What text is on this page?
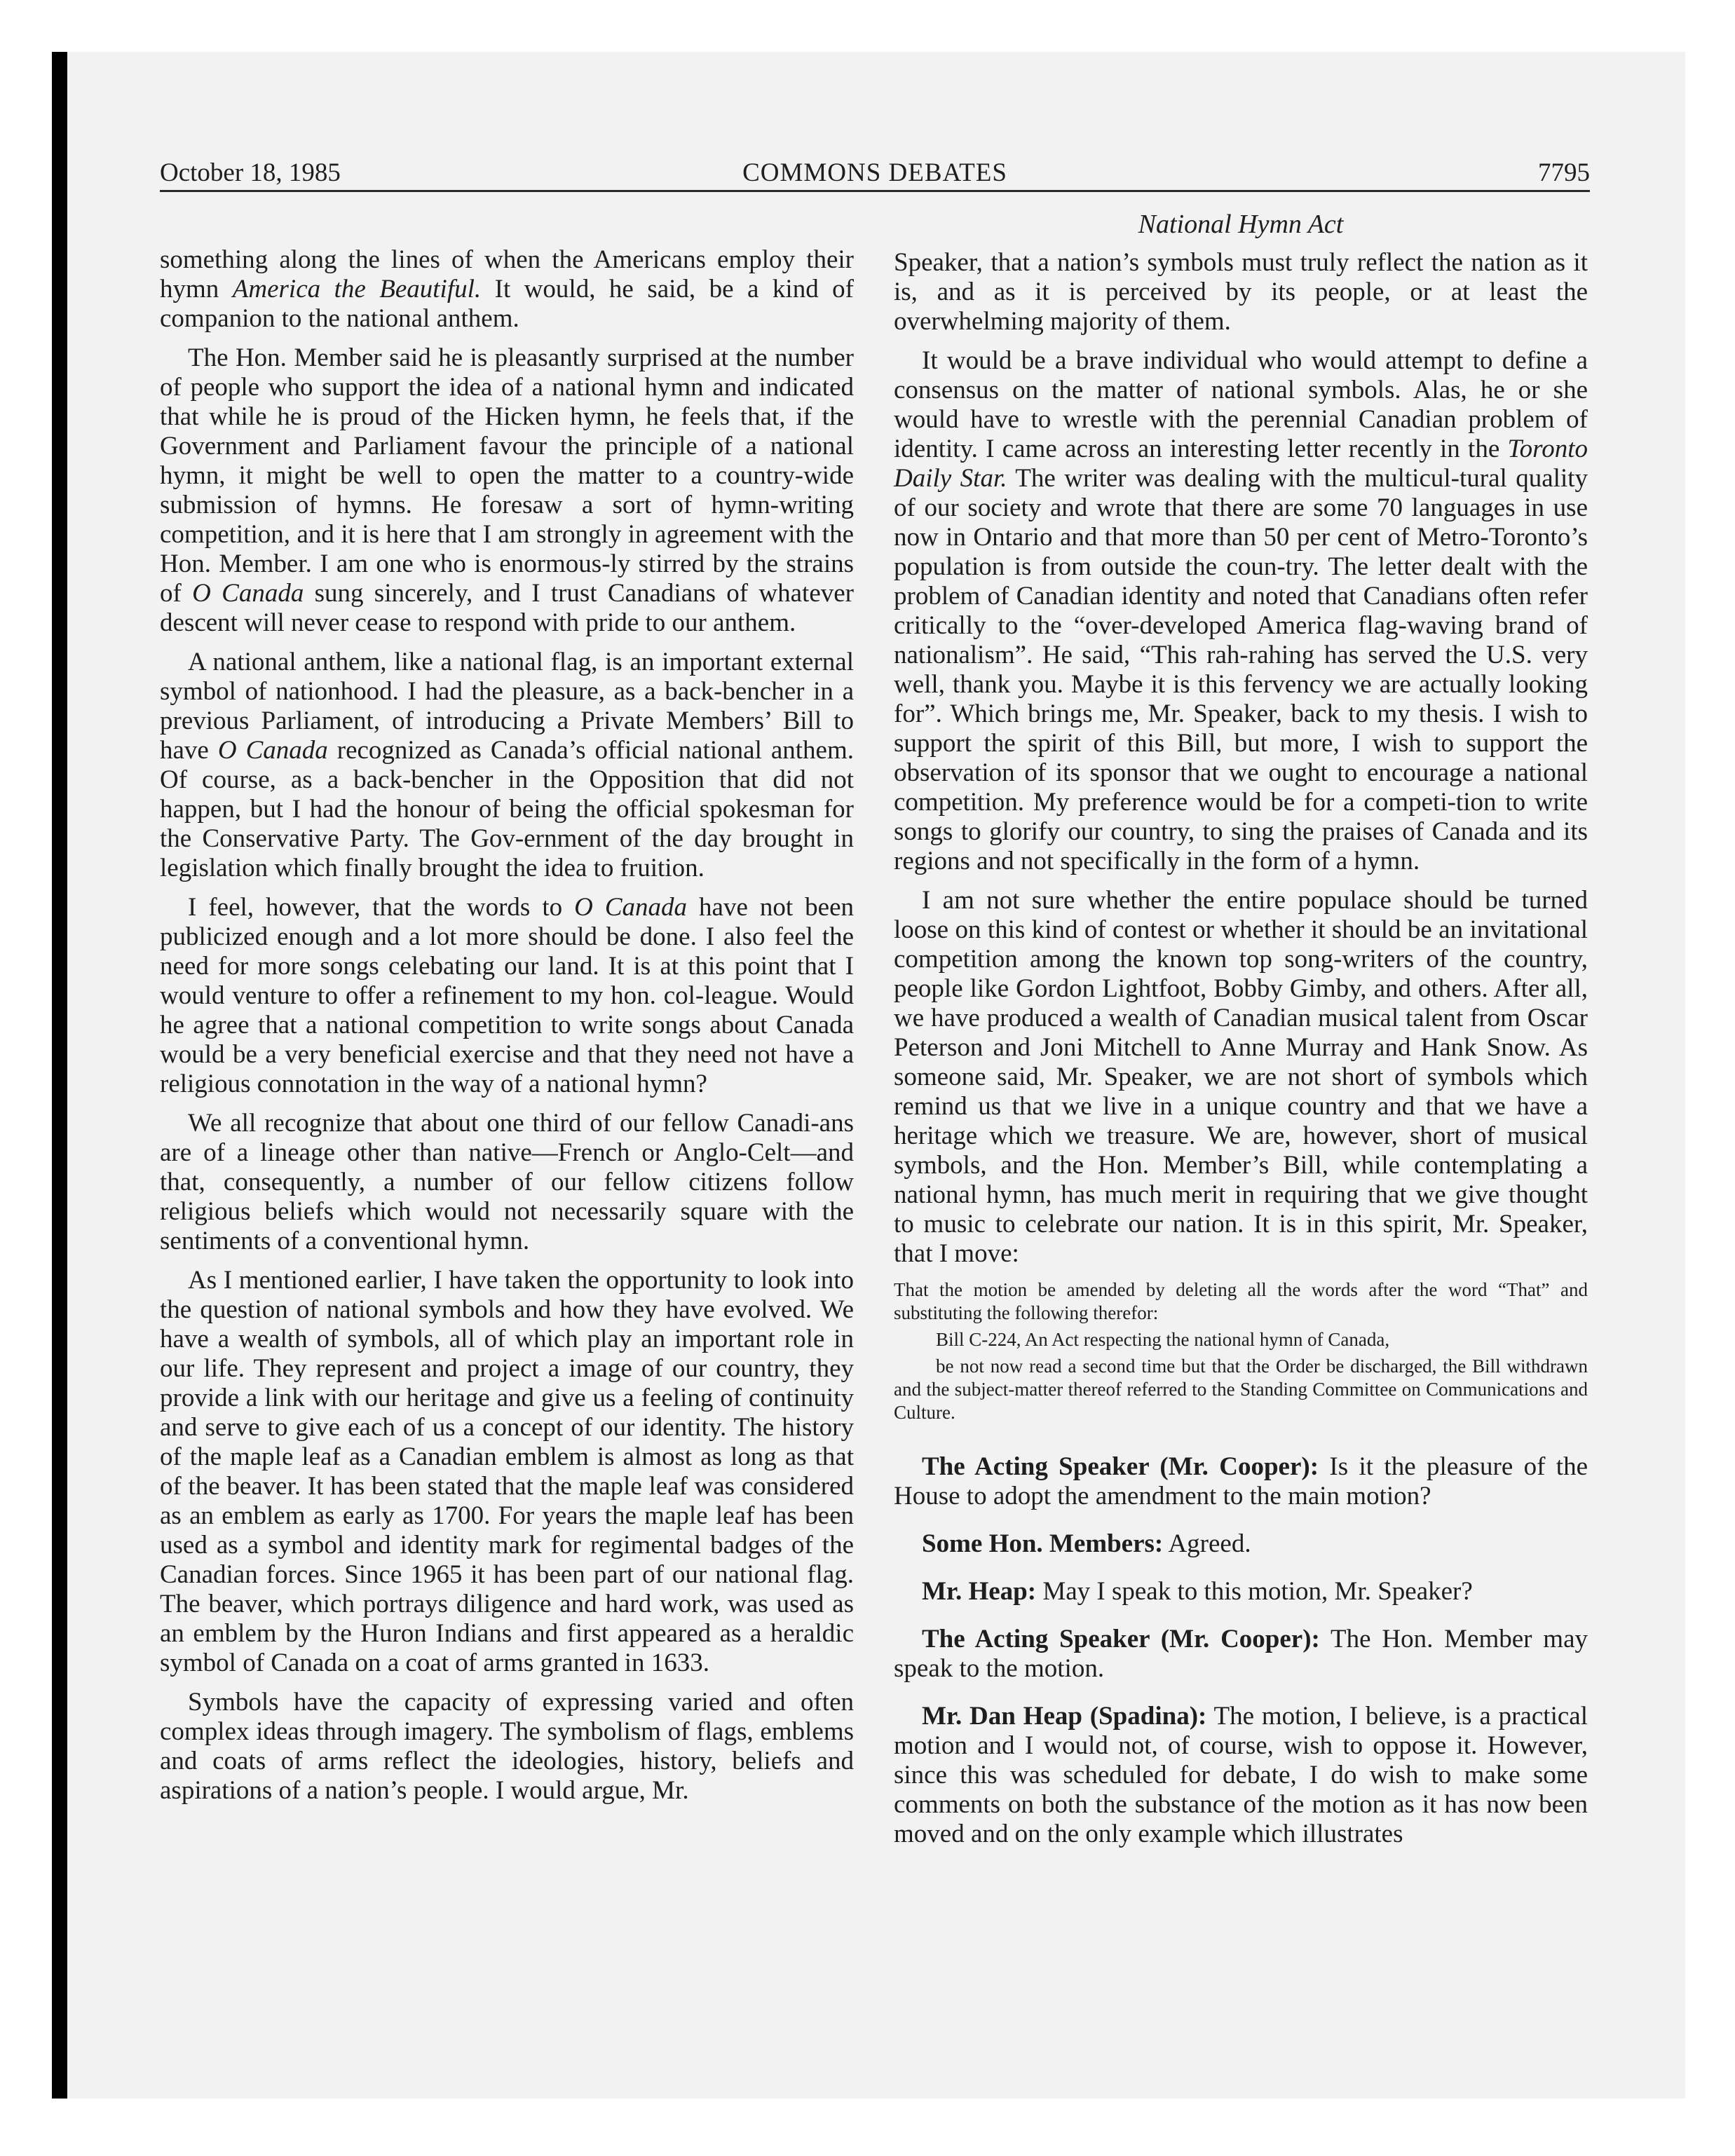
October 18, 1985	COMMONS DEBATES	7795
National Hymn Act

something along the lines of when the Americans employ their hymn America the Beautiful. It would, he said, be a kind of companion to the national anthem.

The Hon. Member said he is pleasantly surprised at the number of people who support the idea of a national hymn and indicated that while he is proud of the Hicken hymn, he feels that, if the Government and Parliament favour the principle of a national hymn, it might be well to open the matter to a country-wide submission of hymns. He foresaw a sort of hymn-writing competition, and it is here that I am strongly in agreement with the Hon. Member. I am one who is enormous-ly stirred by the strains of O Canada sung sincerely, and I trust Canadians of whatever descent will never cease to respond with pride to our anthem.

A national anthem, like a national flag, is an important external symbol of nationhood. I had the pleasure, as a back-bencher in a previous Parliament, of introducing a Private Members’ Bill to have O Canada recognized as Canada’s official national anthem. Of course, as a back-bencher in the Opposition that did not happen, but I had the honour of being the official spokesman for the Conservative Party. The Gov-ernment of the day brought in legislation which finally brought the idea to fruition.

I feel, however, that the words to O Canada have not been publicized enough and a lot more should be done. I also feel the need for more songs celebating our land. It is at this point that I would venture to offer a refinement to my hon. col-league. Would he agree that a national competition to write songs about Canada would be a very beneficial exercise and that they need not have a religious connotation in the way of a national hymn?

We all recognize that about one third of our fellow Canadi-ans are of a lineage other than native—French or Anglo-Celt—and that, consequently, a number of our fellow citizens follow religious beliefs which would not necessarily square with the sentiments of a conventional hymn.

As I mentioned earlier, I have taken the opportunity to look into the question of national symbols and how they have evolved. We have a wealth of symbols, all of which play an important role in our life. They represent and project a image of our country, they provide a link with our heritage and give us a feeling of continuity and serve to give each of us a concept of our identity. The history of the maple leaf as a Canadian emblem is almost as long as that of the beaver. It has been stated that the maple leaf was considered as an emblem as early as 1700. For years the maple leaf has been used as a symbol and identity mark for regimental badges of the Canadian forces. Since 1965 it has been part of our national flag. The beaver, which portrays diligence and hard work, was used as an emblem by the Huron Indians and first appeared as a heraldic symbol of Canada on a coat of arms granted in 1633.

Symbols have the capacity of expressing varied and often complex ideas through imagery. The symbolism of flags, emblems and coats of arms reflect the ideologies, history, beliefs and aspirations of a nation’s people. I would argue, Mr.

Speaker, that a nation’s symbols must truly reflect the nation as it is, and as it is perceived by its people, or at least the overwhelming majority of them.

It would be a brave individual who would attempt to define a consensus on the matter of national symbols. Alas, he or she would have to wrestle with the perennial Canadian problem of identity. I came across an interesting letter recently in the Toronto Daily Star. The writer was dealing with the multicul-tural quality of our society and wrote that there are some 70 languages in use now in Ontario and that more than 50 per cent of Metro-Toronto’s population is from outside the coun-try. The letter dealt with the problem of Canadian identity and noted that Canadians often refer critically to the “over-developed America flag-waving brand of nationalism”. He said, “This rah-rahing has served the U.S. very well, thank you. Maybe it is this fervency we are actually looking for”. Which brings me, Mr. Speaker, back to my thesis. I wish to support the spirit of this Bill, but more, I wish to support the observation of its sponsor that we ought to encourage a national competition. My preference would be for a competi-tion to write songs to glorify our country, to sing the praises of Canada and its regions and not specifically in the form of a hymn.

I am not sure whether the entire populace should be turned loose on this kind of contest or whether it should be an invitational competition among the known top song-writers of the country, people like Gordon Lightfoot, Bobby Gimby, and others. After all, we have produced a wealth of Canadian musical talent from Oscar Peterson and Joni Mitchell to Anne Murray and Hank Snow. As someone said, Mr. Speaker, we are not short of symbols which remind us that we live in a unique country and that we have a heritage which we treasure. We are, however, short of musical symbols, and the Hon. Member’s Bill, while contemplating a national hymn, has much merit in requiring that we give thought to music to celebrate our nation. It is in this spirit, Mr. Speaker, that I move:

That the motion be amended by deleting all the words after the word “That” and substituting the following therefor:

Bill C-224, An Act respecting the national hymn of Canada,

be not now read a second time but that the Order be discharged, the Bill withdrawn and the subject-matter thereof referred to the Standing Committee on Communications and Culture.

The Acting Speaker (Mr. Cooper): Is it the pleasure of the House to adopt the amendment to the main motion?

Some Hon. Members: Agreed.

Mr. Heap: May I speak to this motion, Mr. Speaker?

The Acting Speaker (Mr. Cooper): The Hon. Member may speak to the motion.

Mr. Dan Heap (Spadina): The motion, I believe, is a practical motion and I would not, of course, wish to oppose it. However, since this was scheduled for debate, I do wish to make some comments on both the substance of the motion as it has now been moved and on the only example which illustrates
